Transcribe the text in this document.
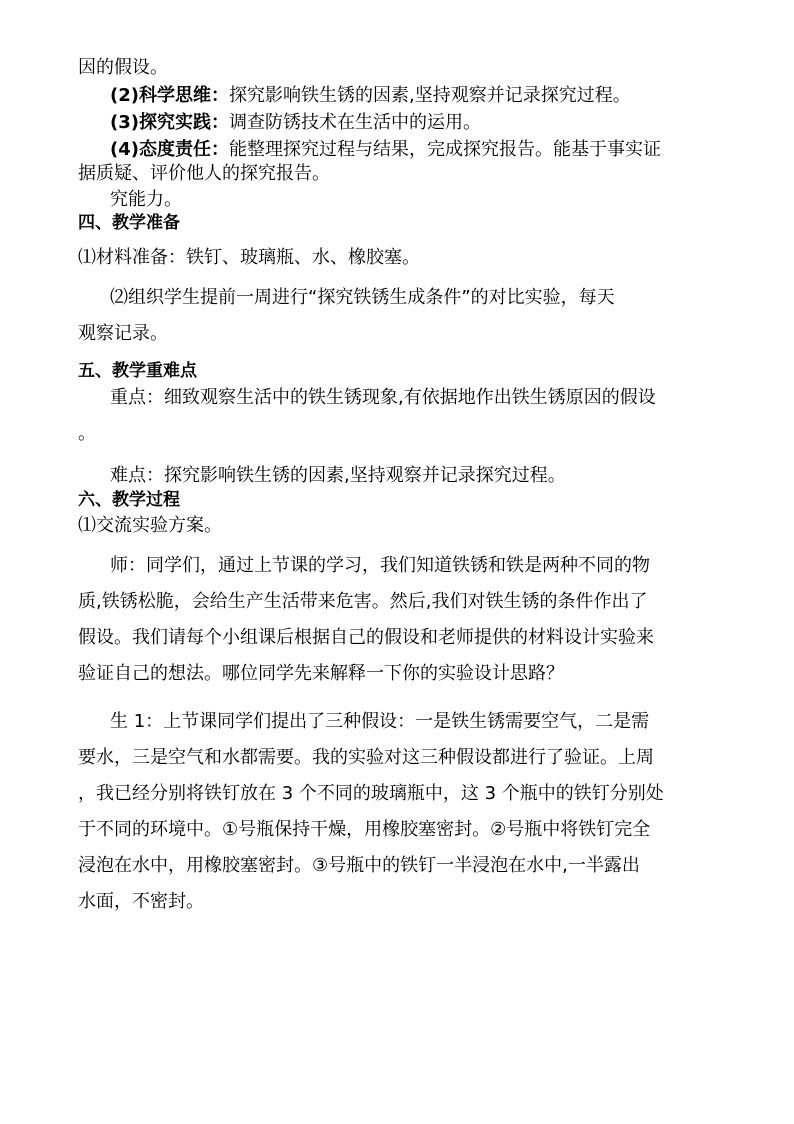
因的假设。
(2)科学思维：探究影响铁生锈的因素,坚持观察并记录探究过程。
(3)探究实践：调查防锈技术在生活中的运用。
(4)态度责任：能整理探究过程与结果，完成探究报告。能基于事实证
据质疑、评价他人的探究报告。
究能力。
四、教学准备
⑴材料准备：铁钉、玻璃瓶、水、橡胶塞。
⑵组织学生提前一周进行“探究铁锈生成条件”的对比实验，每天
观察记录。
五、教学重难点
重点：细致观察生活中的铁生锈现象,有依据地作出铁生锈原因的假设
。
难点：探究影响铁生锈的因素,坚持观察并记录探究过程。
六、教学过程
⑴交流实验方案。
师：同学们，通过上节课的学习，我们知道铁锈和铁是两种不同的物
质,铁锈松脆，会给生产生活带来危害。然后,我们对铁生锈的条件作出了
假设。我们请每个小组课后根据自己的假设和老师提供的材料设计实验来
验证自己的想法。哪位同学先来解释一下你的实验设计思路？
生 1：上节课同学们提出了三种假设：一是铁生锈需要空气，二是需
要水，三是空气和水都需要。我的实验对这三种假设都进行了验证。上周
，我已经分别将铁钉放在 3 个不同的玻璃瓶中，这 3 个瓶中的铁钉分别处
于不同的环境中。①号瓶保持干燥，用橡胶塞密封。②号瓶中将铁钉完全
浸泡在水中，用橡胶塞密封。③号瓶中的铁钉一半浸泡在水中,一半露出
水面，不密封。
